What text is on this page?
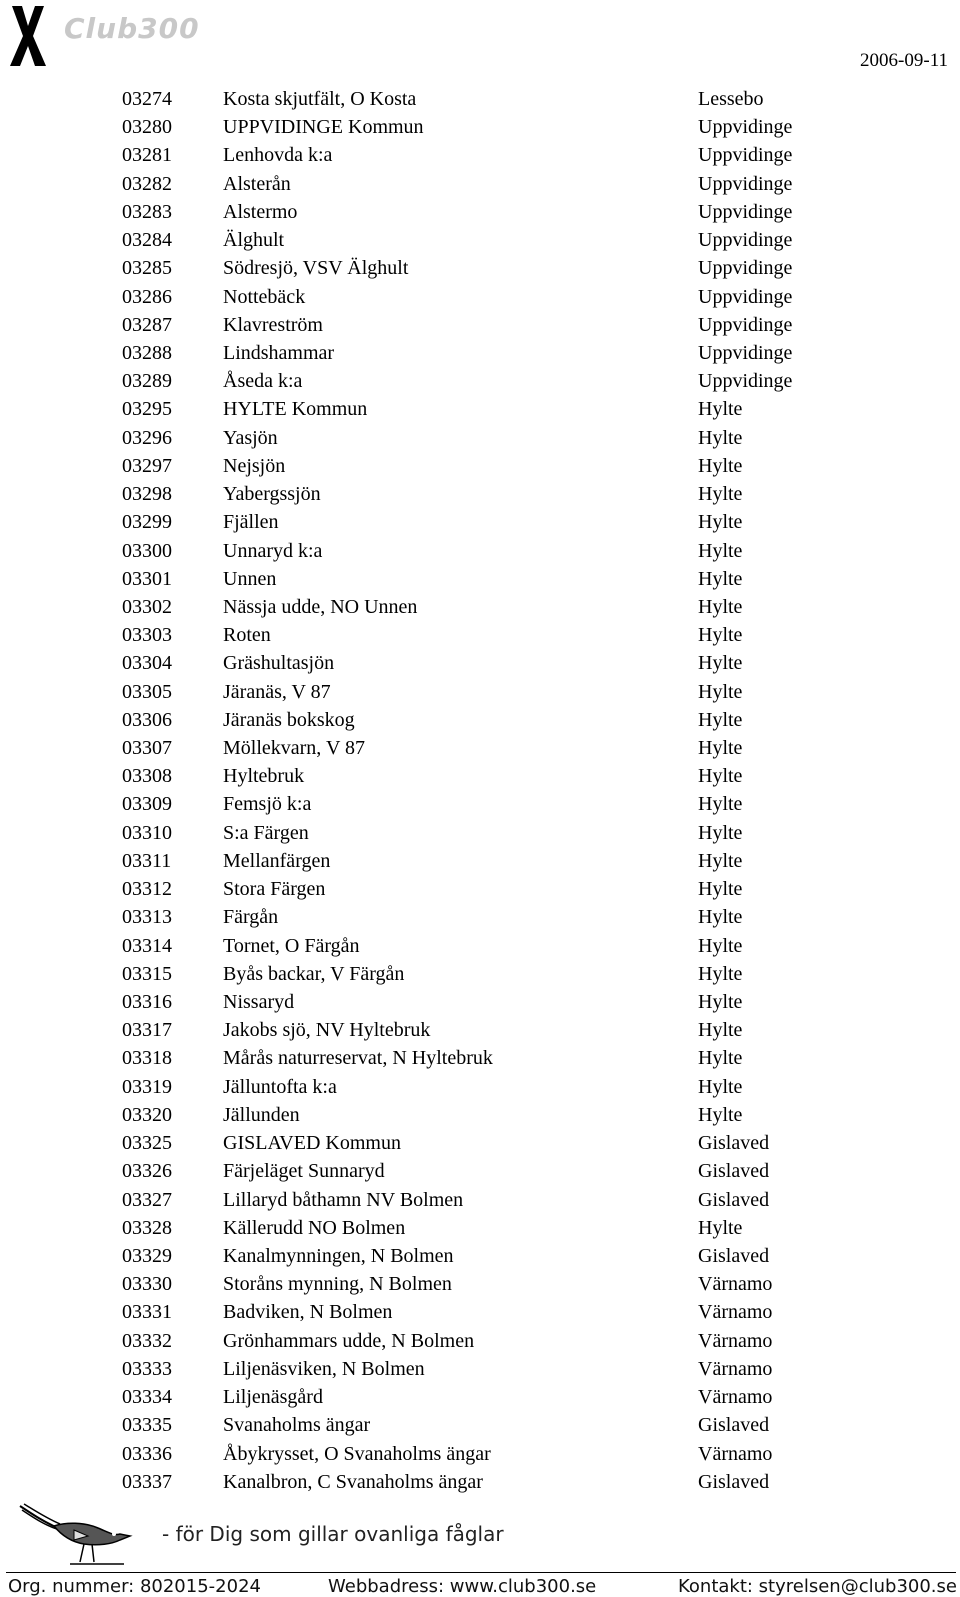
Club300
2006-09-11
03274	Kosta skjutfält, O Kosta	Lessebo
03280	UPPVIDINGE Kommun	Uppvidinge
03281	Lenhovda k:a	Uppvidinge
03282	Alsterån	Uppvidinge
03283	Alstermo	Uppvidinge
03284	Älghult	Uppvidinge
03285	Södresjö, VSV Älghult	Uppvidinge
03286	Nottebäck	Uppvidinge
03287	Klavreström	Uppvidinge
03288	Lindshammar	Uppvidinge
03289	Åseda k:a	Uppvidinge
03295	HYLTE Kommun	Hylte
03296	Yasjön	Hylte
03297	Nejsjön	Hylte
03298	Yabergssjön	Hylte
03299	Fjällen	Hylte
03300	Unnaryd k:a	Hylte
03301	Unnen	Hylte
03302	Nässja udde, NO Unnen	Hylte
03303	Roten	Hylte
03304	Gräshultasjön	Hylte
03305	Järanäs, V 87	Hylte
03306	Järanäs bokskog	Hylte
03307	Möllekvarn, V 87	Hylte
03308	Hyltebruk	Hylte
03309	Femsjö k:a	Hylte
03310	S:a Färgen	Hylte
03311	Mellanfärgen	Hylte
03312	Stora Färgen	Hylte
03313	Färgån	Hylte
03314	Tornet, O Färgån	Hylte
03315	Byås backar, V Färgån	Hylte
03316	Nissaryd	Hylte
03317	Jakobs sjö, NV Hyltebruk	Hylte
03318	Mårås naturreservat, N Hyltebruk	Hylte
03319	Jälluntofta k:a	Hylte
03320	Jällunden	Hylte
03325	GISLAVED Kommun	Gislaved
03326	Färjeläget Sunnaryd	Gislaved
03327	Lillaryd båthamn NV Bolmen	Gislaved
03328	Källerudd NO Bolmen	Hylte
03329	Kanalmynningen, N Bolmen	Gislaved
03330	Storåns mynning, N Bolmen	Värnamo
03331	Badviken, N Bolmen	Värnamo
03332	Grönhammars udde, N Bolmen	Värnamo
03333	Liljenäsviken, N Bolmen	Värnamo
03334	Liljenäsgård	Värnamo
03335	Svanaholms ängar	Gislaved
03336	Åbykrysset, O Svanaholms ängar	Värnamo
03337	Kanalbron, C Svanaholms ängar	Gislaved
- för Dig som gillar ovanliga fåglar
Org. nummer: 802015-2024	Webbadress: www.club300.se	Kontakt: styrelsen@club300.se
